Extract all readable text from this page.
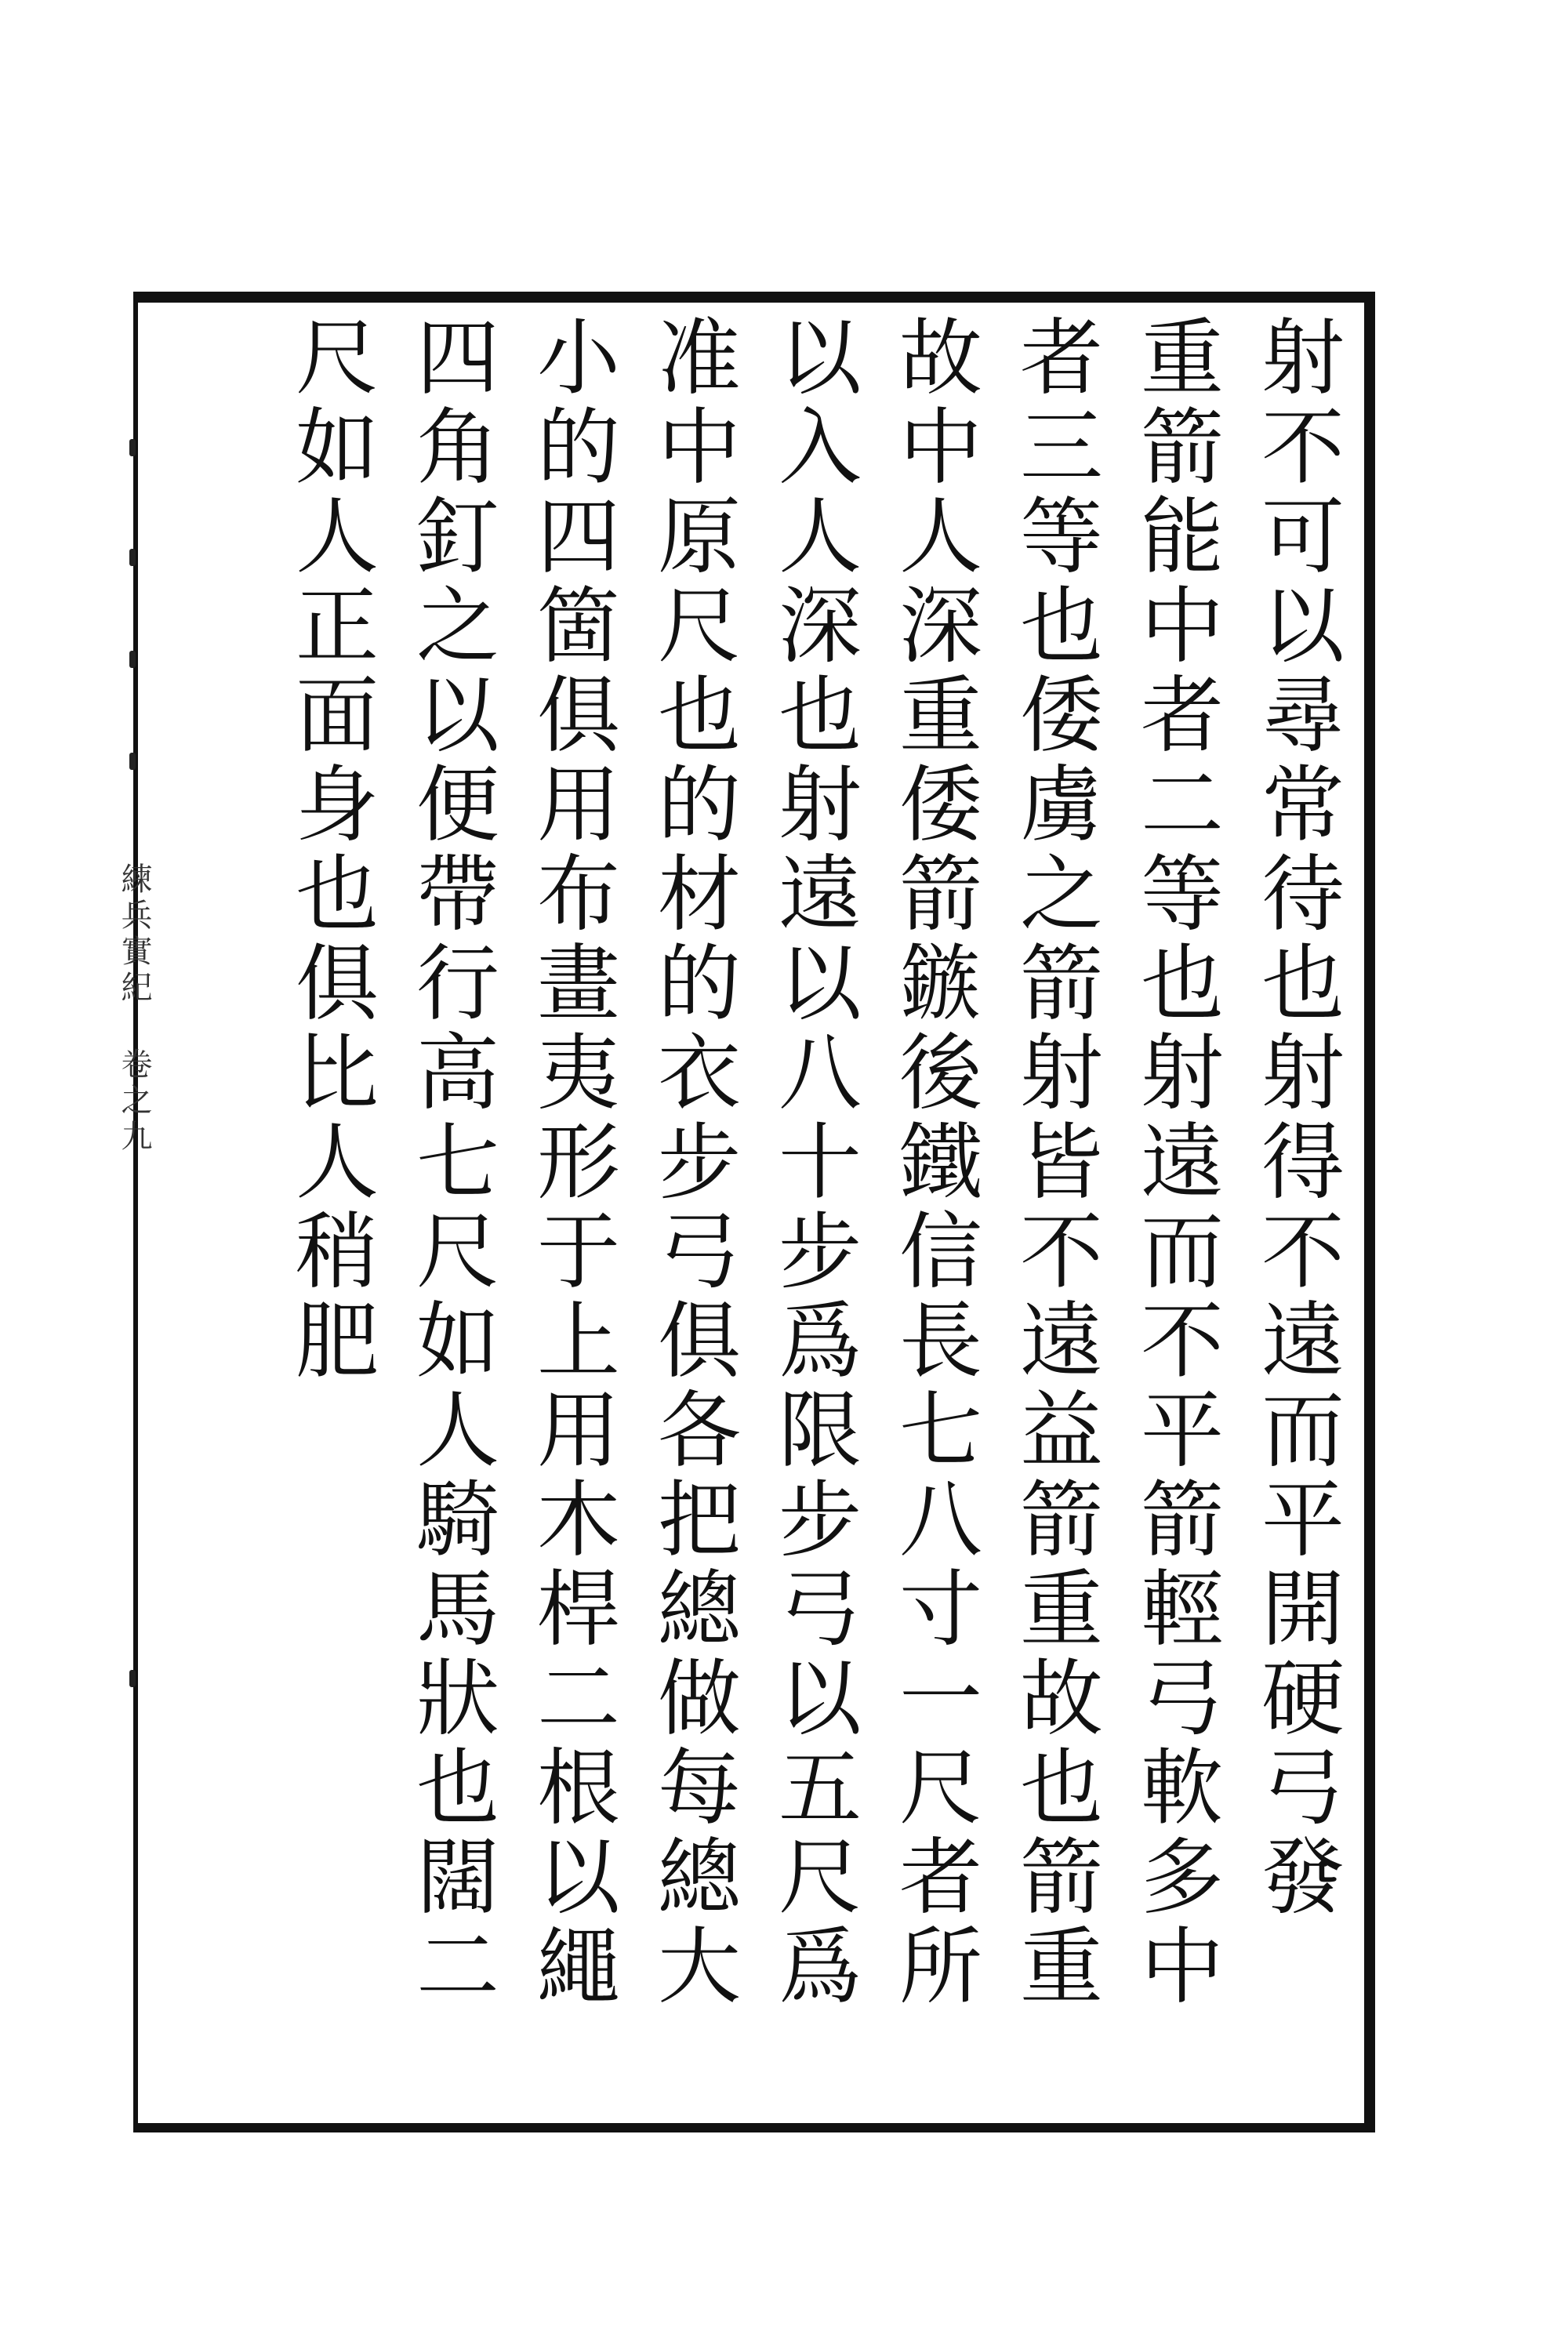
射不可以尋常待也射得不遠而平開硬弓發
重箭能中者二等也射遠而不平箭輕弓軟多中
者三等也倭虜之箭射皆不遠益箭重故也箭重
故中人深重倭箭鏃後鐵信長七八寸一尺者所
以入人深也射遠以八十步爲限步弓以五尺爲
准中原尺也的材的衣步弓俱各把總做每總大
小的四箇俱用布畫夷形于上用木桿二根以繩
四角釘之以便帶行高七尺如人騎馬狀也闊二
尺如人正面身也俱比人稍肥
練兵實紀 卷之九
